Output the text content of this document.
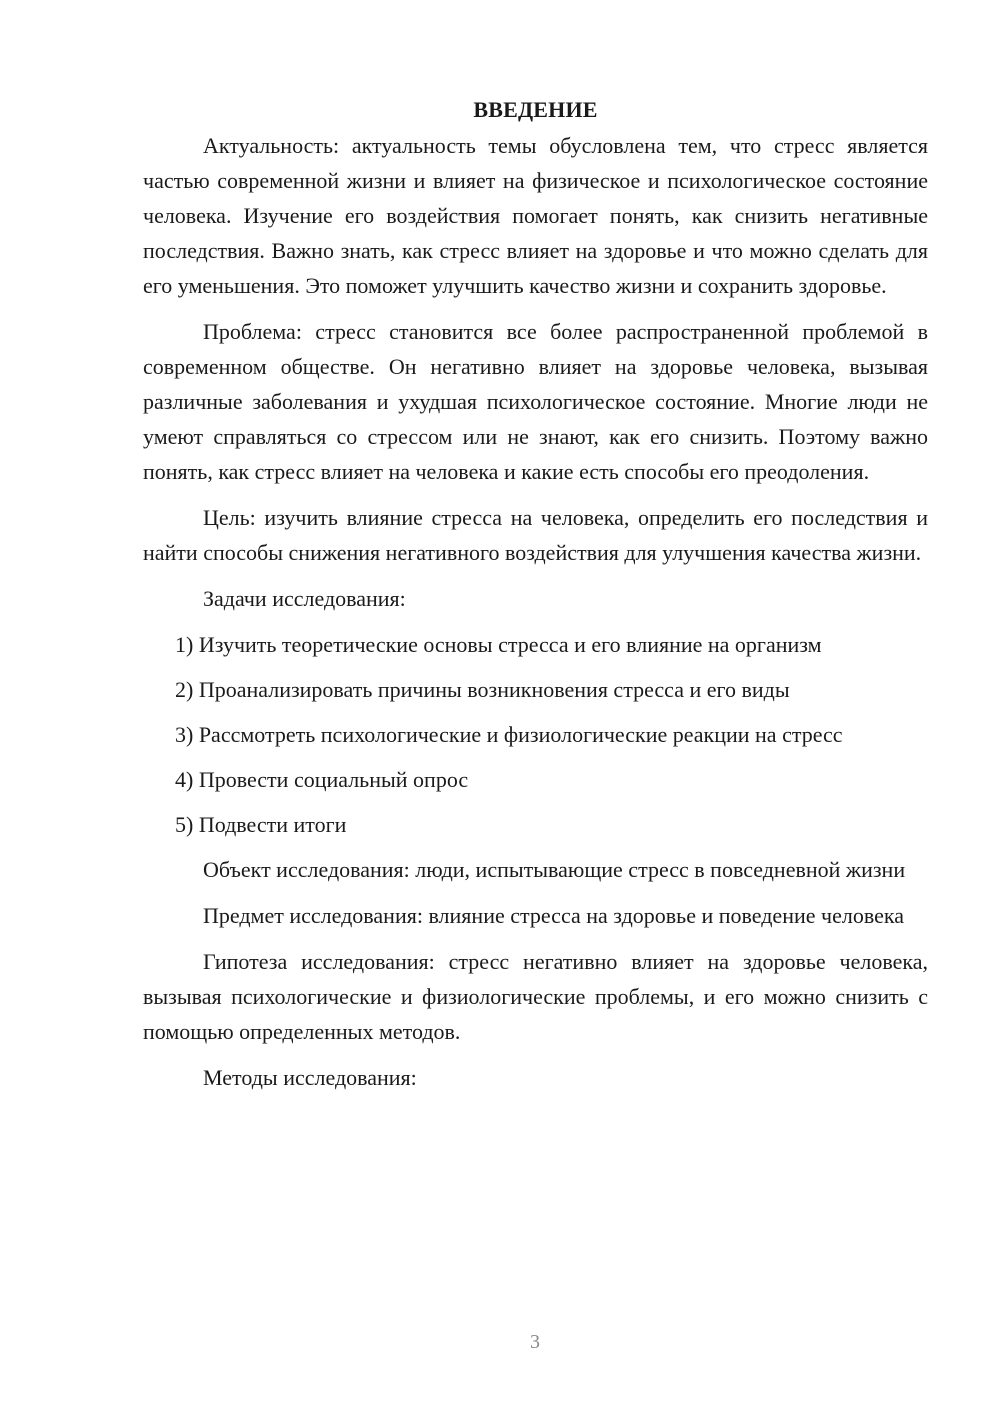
ВВЕДЕНИЕ

Актуальность: актуальность темы обусловлена тем, что стресс является частью современной жизни и влияет на физическое и психологическое состояние человека. Изучение его воздействия помогает понять, как снизить негативные последствия. Важно знать, как стресс влияет на здоровье и что можно сделать для его уменьшения. Это поможет улучшить качество жизни и сохранить здоровье.

Проблема: стресс становится все более распространенной проблемой в современном обществе. Он негативно влияет на здоровье человека, вызывая различные заболевания и ухудшая психологическое состояние. Многие люди не умеют справляться со стрессом или не знают, как его снизить. Поэтому важно понять, как стресс влияет на человека и какие есть способы его преодоления.

Цель: изучить влияние стресса на человека, определить его последствия и найти способы снижения негативного воздействия для улучшения качества жизни.

Задачи исследования:

1) Изучить теоретические основы стресса и его влияние на организм
2) Проанализировать причины возникновения стресса и его виды
3) Рассмотреть психологические и физиологические реакции на стресс
4) Провести социальный опрос
5) Подвести итоги

Объект исследования: люди, испытывающие стресс в повседневной жизни

Предмет исследования: влияние стресса на здоровье и поведение человека

Гипотеза исследования: стресс негативно влияет на здоровье человека, вызывая психологические и физиологические проблемы, и его можно снизить с помощью определенных методов.

Методы исследования:

3
